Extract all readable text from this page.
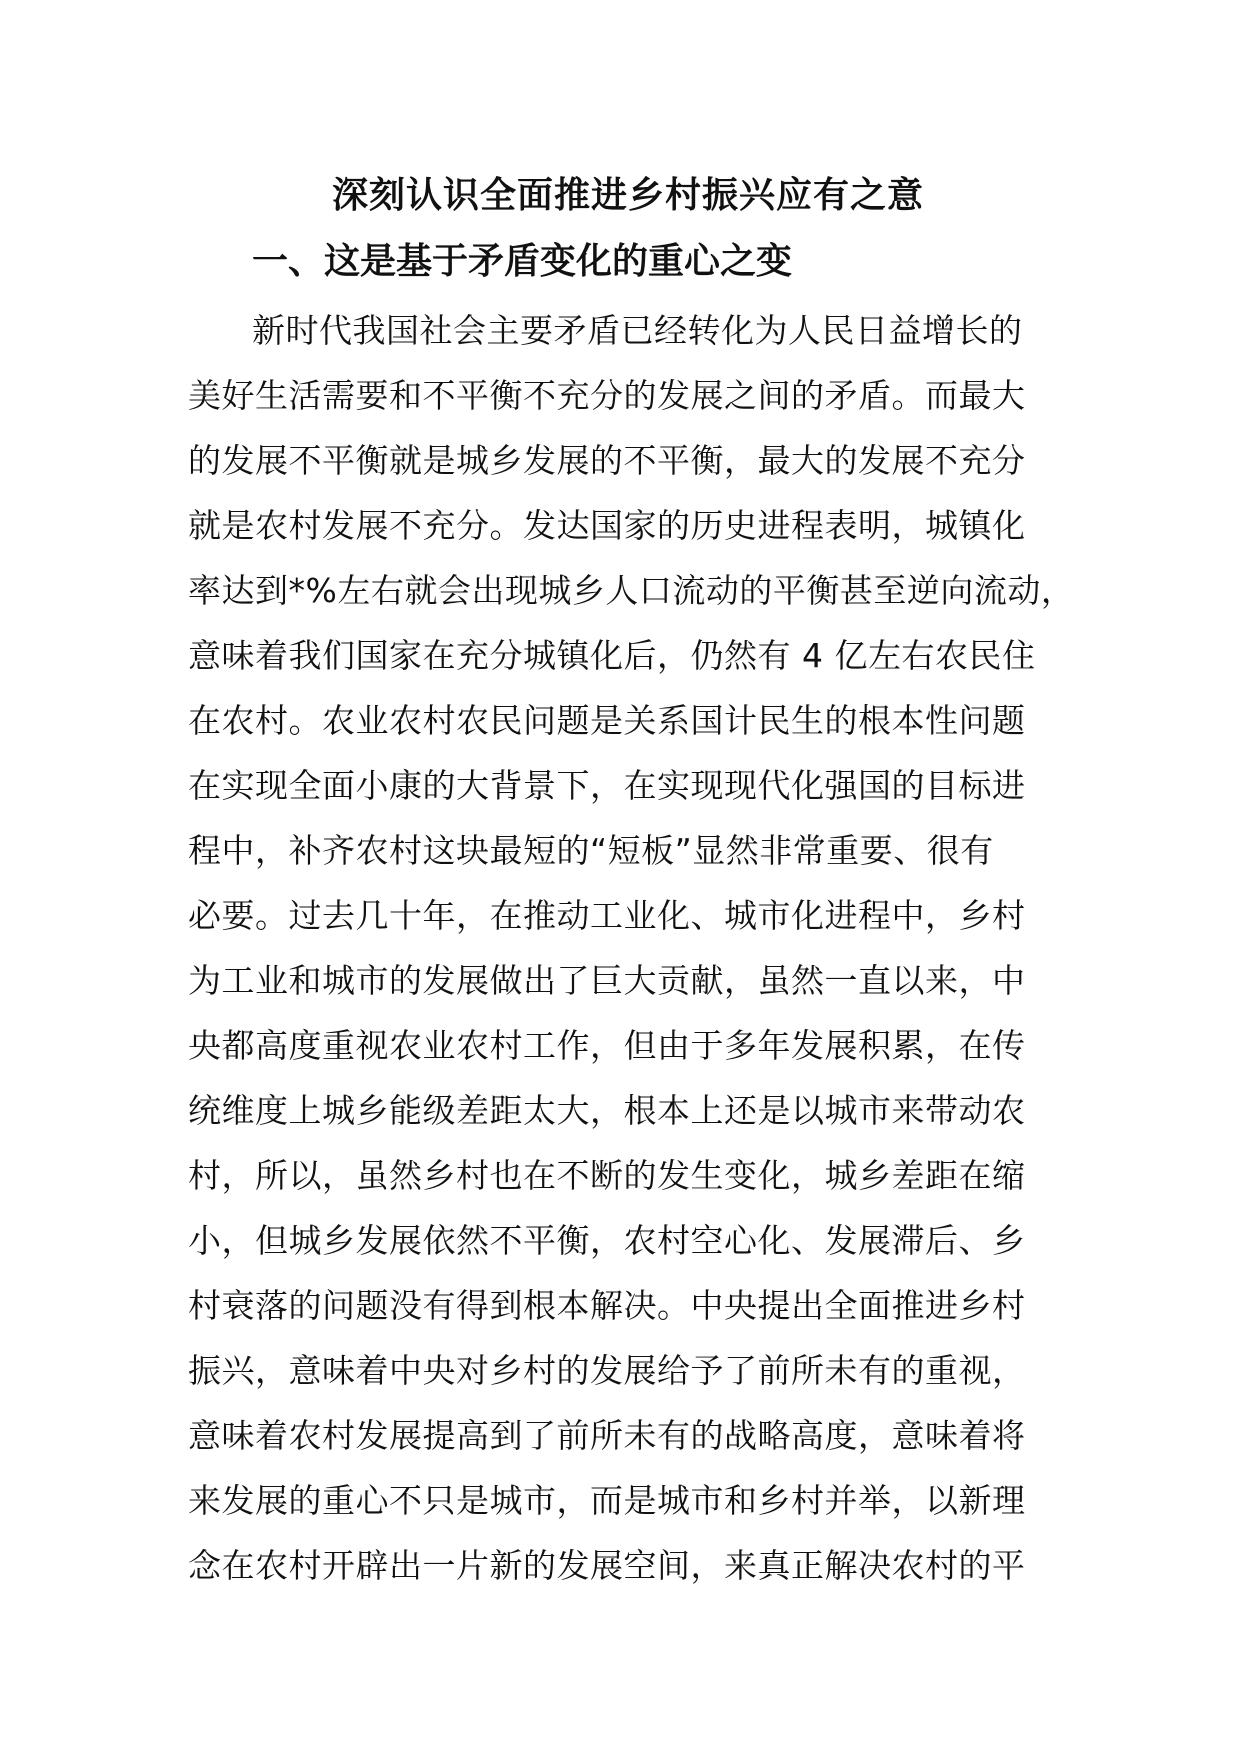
深刻认识全面推进乡村振兴应有之意
一、这是基于矛盾变化的重心之变
新时代我国社会主要矛盾已经转化为人民日益增长的
美好生活需要和不平衡不充分的发展之间的矛盾。而最大
的发展不平衡就是城乡发展的不平衡，最大的发展不充分
就是农村发展不充分。发达国家的历史进程表明，城镇化
率达到*%左右就会出现城乡人口流动的平衡甚至逆向流动，
意味着我们国家在充分城镇化后，仍然有 4 亿左右农民住
在农村。农业农村农民问题是关系国计民生的根本性问题
在实现全面小康的大背景下，在实现现代化强国的目标进
程中，补齐农村这块最短的“短板”显然非常重要、很有
必要。过去几十年，在推动工业化、城市化进程中，乡村
为工业和城市的发展做出了巨大贡献，虽然一直以来，中
央都高度重视农业农村工作，但由于多年发展积累，在传
统维度上城乡能级差距太大，根本上还是以城市来带动农
村，所以，虽然乡村也在不断的发生变化，城乡差距在缩
小，但城乡发展依然不平衡，农村空心化、发展滞后、乡
村衰落的问题没有得到根本解决。中央提出全面推进乡村
振兴，意味着中央对乡村的发展给予了前所未有的重视，
意味着农村发展提高到了前所未有的战略高度，意味着将
来发展的重心不只是城市，而是城市和乡村并举，以新理
念在农村开辟出一片新的发展空间，来真正解决农村的平
